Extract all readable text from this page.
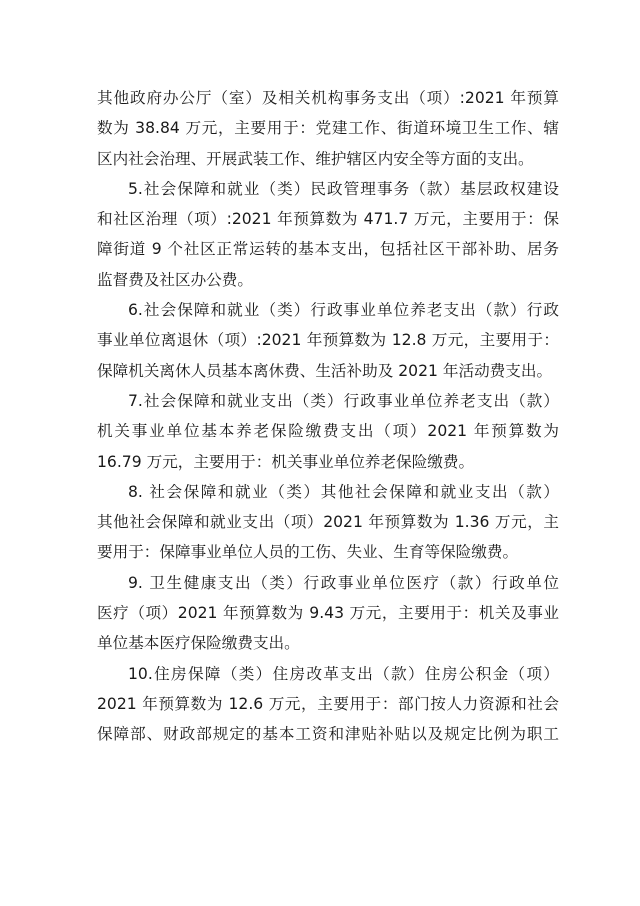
其他政府办公厅（室）及相关机构事务支出（项）:2021 年预算
数为 38.84 万元，主要用于：党建工作、街道环境卫生工作、辖
区内社会治理、开展武装工作、维护辖区内安全等方面的支出。
5.社会保障和就业（类）民政管理事务（款）基层政权建设
和社区治理（项）:2021 年预算数为 471.7 万元，主要用于：保
障街道 9 个社区正常运转的基本支出，包括社区干部补助、居务
监督费及社区办公费。
6.社会保障和就业（类）行政事业单位养老支出（款）行政
事业单位离退休（项）:2021 年预算数为 12.8 万元，主要用于：
保障机关离休人员基本离休费、生活补助及 2021 年活动费支出。
7.社会保障和就业支出（类）行政事业单位养老支出（款）
机关事业单位基本养老保险缴费支出（项）2021 年预算数为
16.79 万元，主要用于：机关事业单位养老保险缴费。
8. 社会保障和就业（类）其他社会保障和就业支出（款）
其他社会保障和就业支出（项）2021 年预算数为 1.36 万元，主
要用于：保障事业单位人员的工伤、失业、生育等保险缴费。
9. 卫生健康支出（类）行政事业单位医疗（款）行政单位
医疗（项）2021 年预算数为 9.43 万元，主要用于：机关及事业
单位基本医疗保险缴费支出。
10.住房保障（类）住房改革支出（款）住房公积金（项）
2021 年预算数为 12.6 万元，主要用于：部门按人力资源和社会
保障部、财政部规定的基本工资和津贴补贴以及规定比例为职工
